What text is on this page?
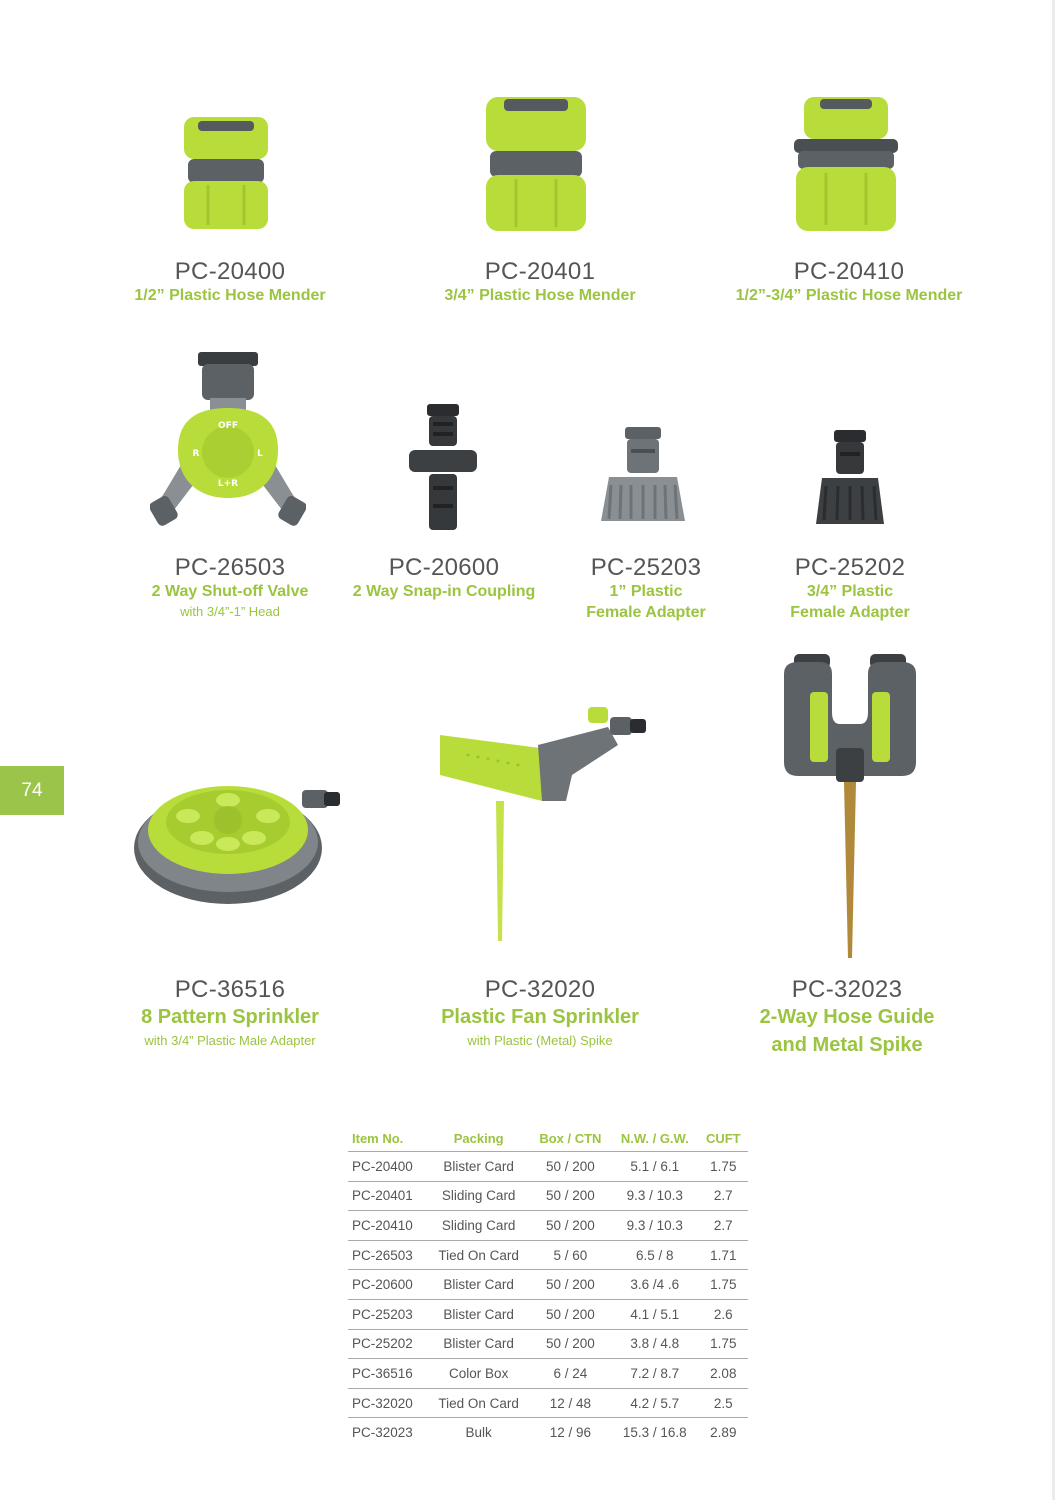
74
PC-20400
1/2” Plastic Hose Mender
PC-20401
3/4” Plastic Hose Mender
PC-20410
1/2”-3/4” Plastic Hose Mender
OFF
R	L
L+R
PC-26503
2 Way Shut-off Valve
with 3/4”-1” Head
PC-20600
2 Way Snap-in Coupling
PC-25203
1” Plastic
Female Adapter
PC-25202
3/4” Plastic
Female Adapter
PC-36516
8 Pattern Sprinkler
with 3/4” Plastic Male Adapter
PC-32020
Plastic Fan Sprinkler
with Plastic (Metal) Spike
PC-32023
2-Way Hose Guide
and Metal Spike
Item No.	Packing	Box / CTN	N.W. / G.W.	CUFT
PC-20400	Blister Card	50 / 200	5.1 / 6.1	1.75
PC-20401	Sliding Card	50 / 200	9.3 / 10.3	2.7
PC-20410	Sliding Card	50 / 200	9.3 / 10.3	2.7
PC-26503	Tied On Card	5 / 60	6.5 / 8	1.71
PC-20600	Blister Card	50 / 200	3.6 /4 .6	1.75
PC-25203	Blister Card	50 / 200	4.1 / 5.1	2.6
PC-25202	Blister Card	50 / 200	3.8 / 4.8	1.75
PC-36516	Color Box	6 / 24	7.2 / 8.7	2.08
PC-32020	Tied On Card	12 / 48	4.2 / 5.7	2.5
PC-32023	Bulk	12 / 96	15.3 / 16.8	2.89
